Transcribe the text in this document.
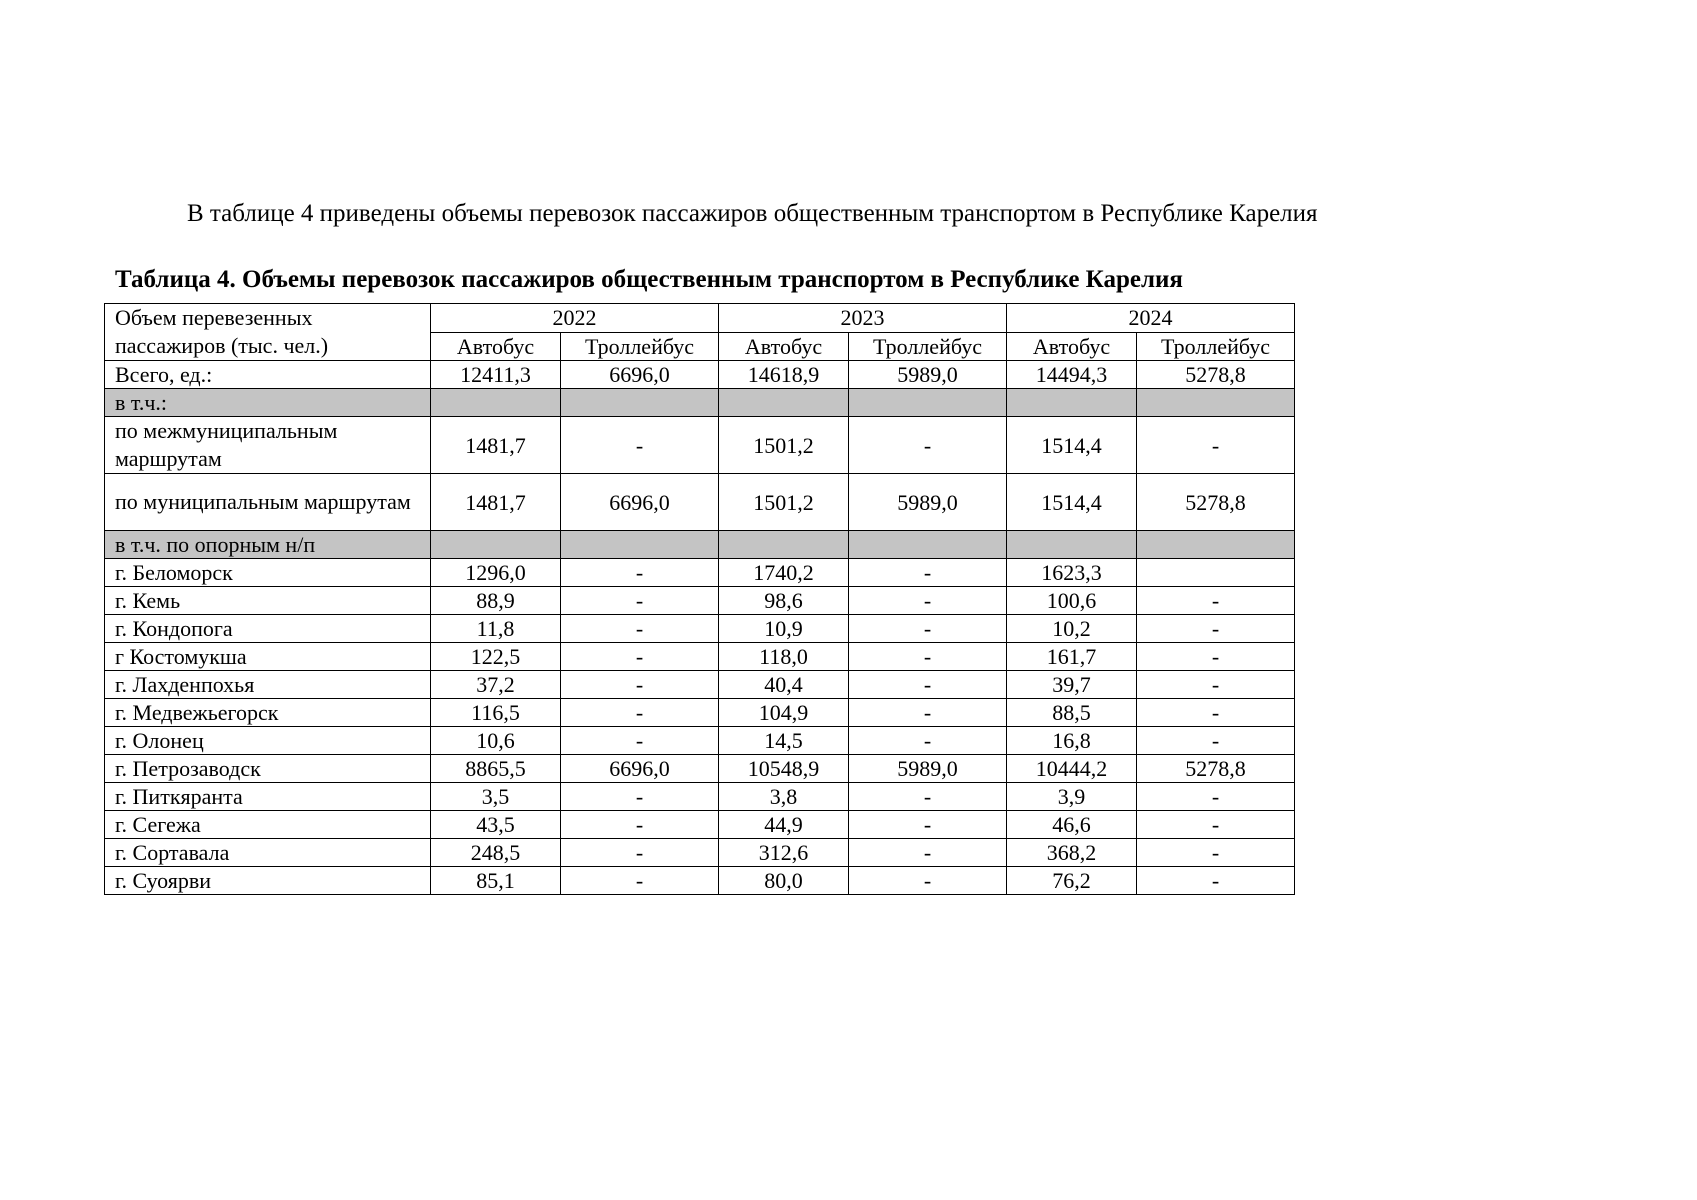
В таблице 4 приведены объемы перевозок пассажиров общественным транспортом в Республике Карелия

Таблица 4. Объемы перевозок пассажиров общественным транспортом в Республике Карелия

Объем перевезенных пассажиров (тыс. чел.)	2022		2023		2024	
	Автобус	Троллейбус	Автобус	Троллейбус	Автобус	Троллейбус
Всего, ед.:	12411,3	6696,0	14618,9	5989,0	14494,3	5278,8
в т.ч.:						
по межмуниципальным маршрутам	1481,7	-	1501,2	-	1514,4	-
по муниципальным маршрутам	1481,7	6696,0	1501,2	5989,0	1514,4	5278,8
в т.ч. по опорным н/п						
г. Беломорск	1296,0	-	1740,2	-	1623,3	
г. Кемь	88,9	-	98,6	-	100,6	-
г. Кондопога	11,8	-	10,9	-	10,2	-
г Костомукша	122,5	-	118,0	-	161,7	-
г. Лахденпохья	37,2	-	40,4	-	39,7	-
г. Медвежьегорск	116,5	-	104,9	-	88,5	-
г. Олонец	10,6	-	14,5	-	16,8	-
г. Петрозаводск	8865,5	6696,0	10548,9	5989,0	10444,2	5278,8
г. Питкяранта	3,5	-	3,8	-	3,9	-
г. Сегежа	43,5	-	44,9	-	46,6	-
г. Сортавала	248,5	-	312,6	-	368,2	-
г. Суоярви	85,1	-	80,0	-	76,2	-
